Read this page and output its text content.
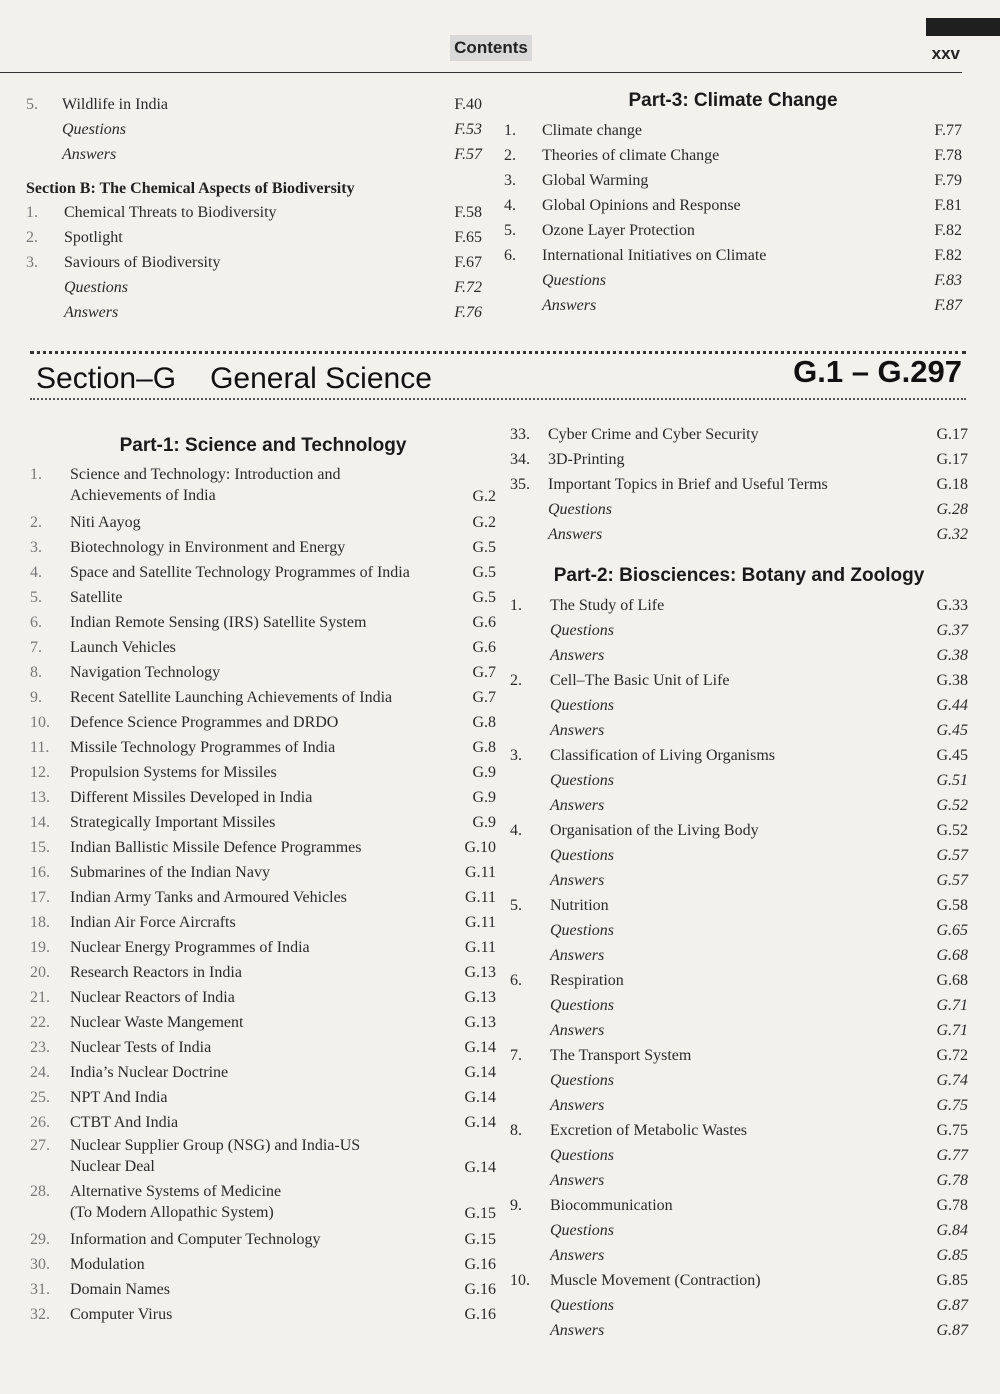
Contents	xxv
5. Wildlife in India	F.40
Questions	F.53
Answers	F.57
Section B: The Chemical Aspects of Biodiversity
1. Chemical Threats to Biodiversity	F.58
2. Spotlight	F.65
3. Saviours of Biodiversity	F.67
Questions	F.72
Answers	F.76
Part-3: Climate Change
1. Climate change	F.77
2. Theories of climate Change	F.78
3. Global Warming	F.79
4. Global Opinions and Response	F.81
5. Ozone Layer Protection	F.82
6. International Initiatives on Climate	F.82
Questions	F.83
Answers	F.87
Section–G General Science	G.1 – G.297
Part-1: Science and Technology
1. Science and Technology: Introduction and
Achievements of India	G.2
2. Niti Aayog	G.2
3. Biotechnology in Environment and Energy	G.5
4. Space and Satellite Technology Programmes of India	G.5
5. Satellite	G.5
6. Indian Remote Sensing (IRS) Satellite System	G.6
7. Launch Vehicles	G.6
8. Navigation Technology	G.7
9. Recent Satellite Launching Achievements of India	G.7
10. Defence Science Programmes and DRDO	G.8
11. Missile Technology Programmes of India	G.8
12. Propulsion Systems for Missiles	G.9
13. Different Missiles Developed in India	G.9
14. Strategically Important Missiles	G.9
15. Indian Ballistic Missile Defence Programmes	G.10
16. Submarines of the Indian Navy	G.11
17. Indian Army Tanks and Armoured Vehicles	G.11
18. Indian Air Force Aircrafts	G.11
19. Nuclear Energy Programmes of India	G.11
20. Research Reactors in India	G.13
21. Nuclear Reactors of India	G.13
22. Nuclear Waste Mangement	G.13
23. Nuclear Tests of India	G.14
24. India’s Nuclear Doctrine	G.14
25. NPT And India	G.14
26. CTBT And India	G.14
27. Nuclear Supplier Group (NSG) and India-US
Nuclear Deal	G.14
28. Alternative Systems of Medicine
(To Modern Allopathic System)	G.15
29. Information and Computer Technology	G.15
30. Modulation	G.16
31. Domain Names	G.16
32. Computer Virus	G.16
33. Cyber Crime and Cyber Security	G.17
34. 3D-Printing	G.17
35. Important Topics in Brief and Useful Terms	G.18
Questions	G.28
Answers	G.32
Part-2: Biosciences: Botany and Zoology
1. The Study of Life	G.33
Questions	G.37
Answers	G.38
2. Cell–The Basic Unit of Life	G.38
Questions	G.44
Answers	G.45
3. Classification of Living Organisms	G.45
Questions	G.51
Answers	G.52
4. Organisation of the Living Body	G.52
Questions	G.57
Answers	G.57
5. Nutrition	G.58
Questions	G.65
Answers	G.68
6. Respiration	G.68
Questions	G.71
Answers	G.71
7. The Transport System	G.72
Questions	G.74
Answers	G.75
8. Excretion of Metabolic Wastes	G.75
Questions	G.77
Answers	G.78
9. Biocommunication	G.78
Questions	G.84
Answers	G.85
10. Muscle Movement (Contraction)	G.85
Questions	G.87
Answers	G.87
